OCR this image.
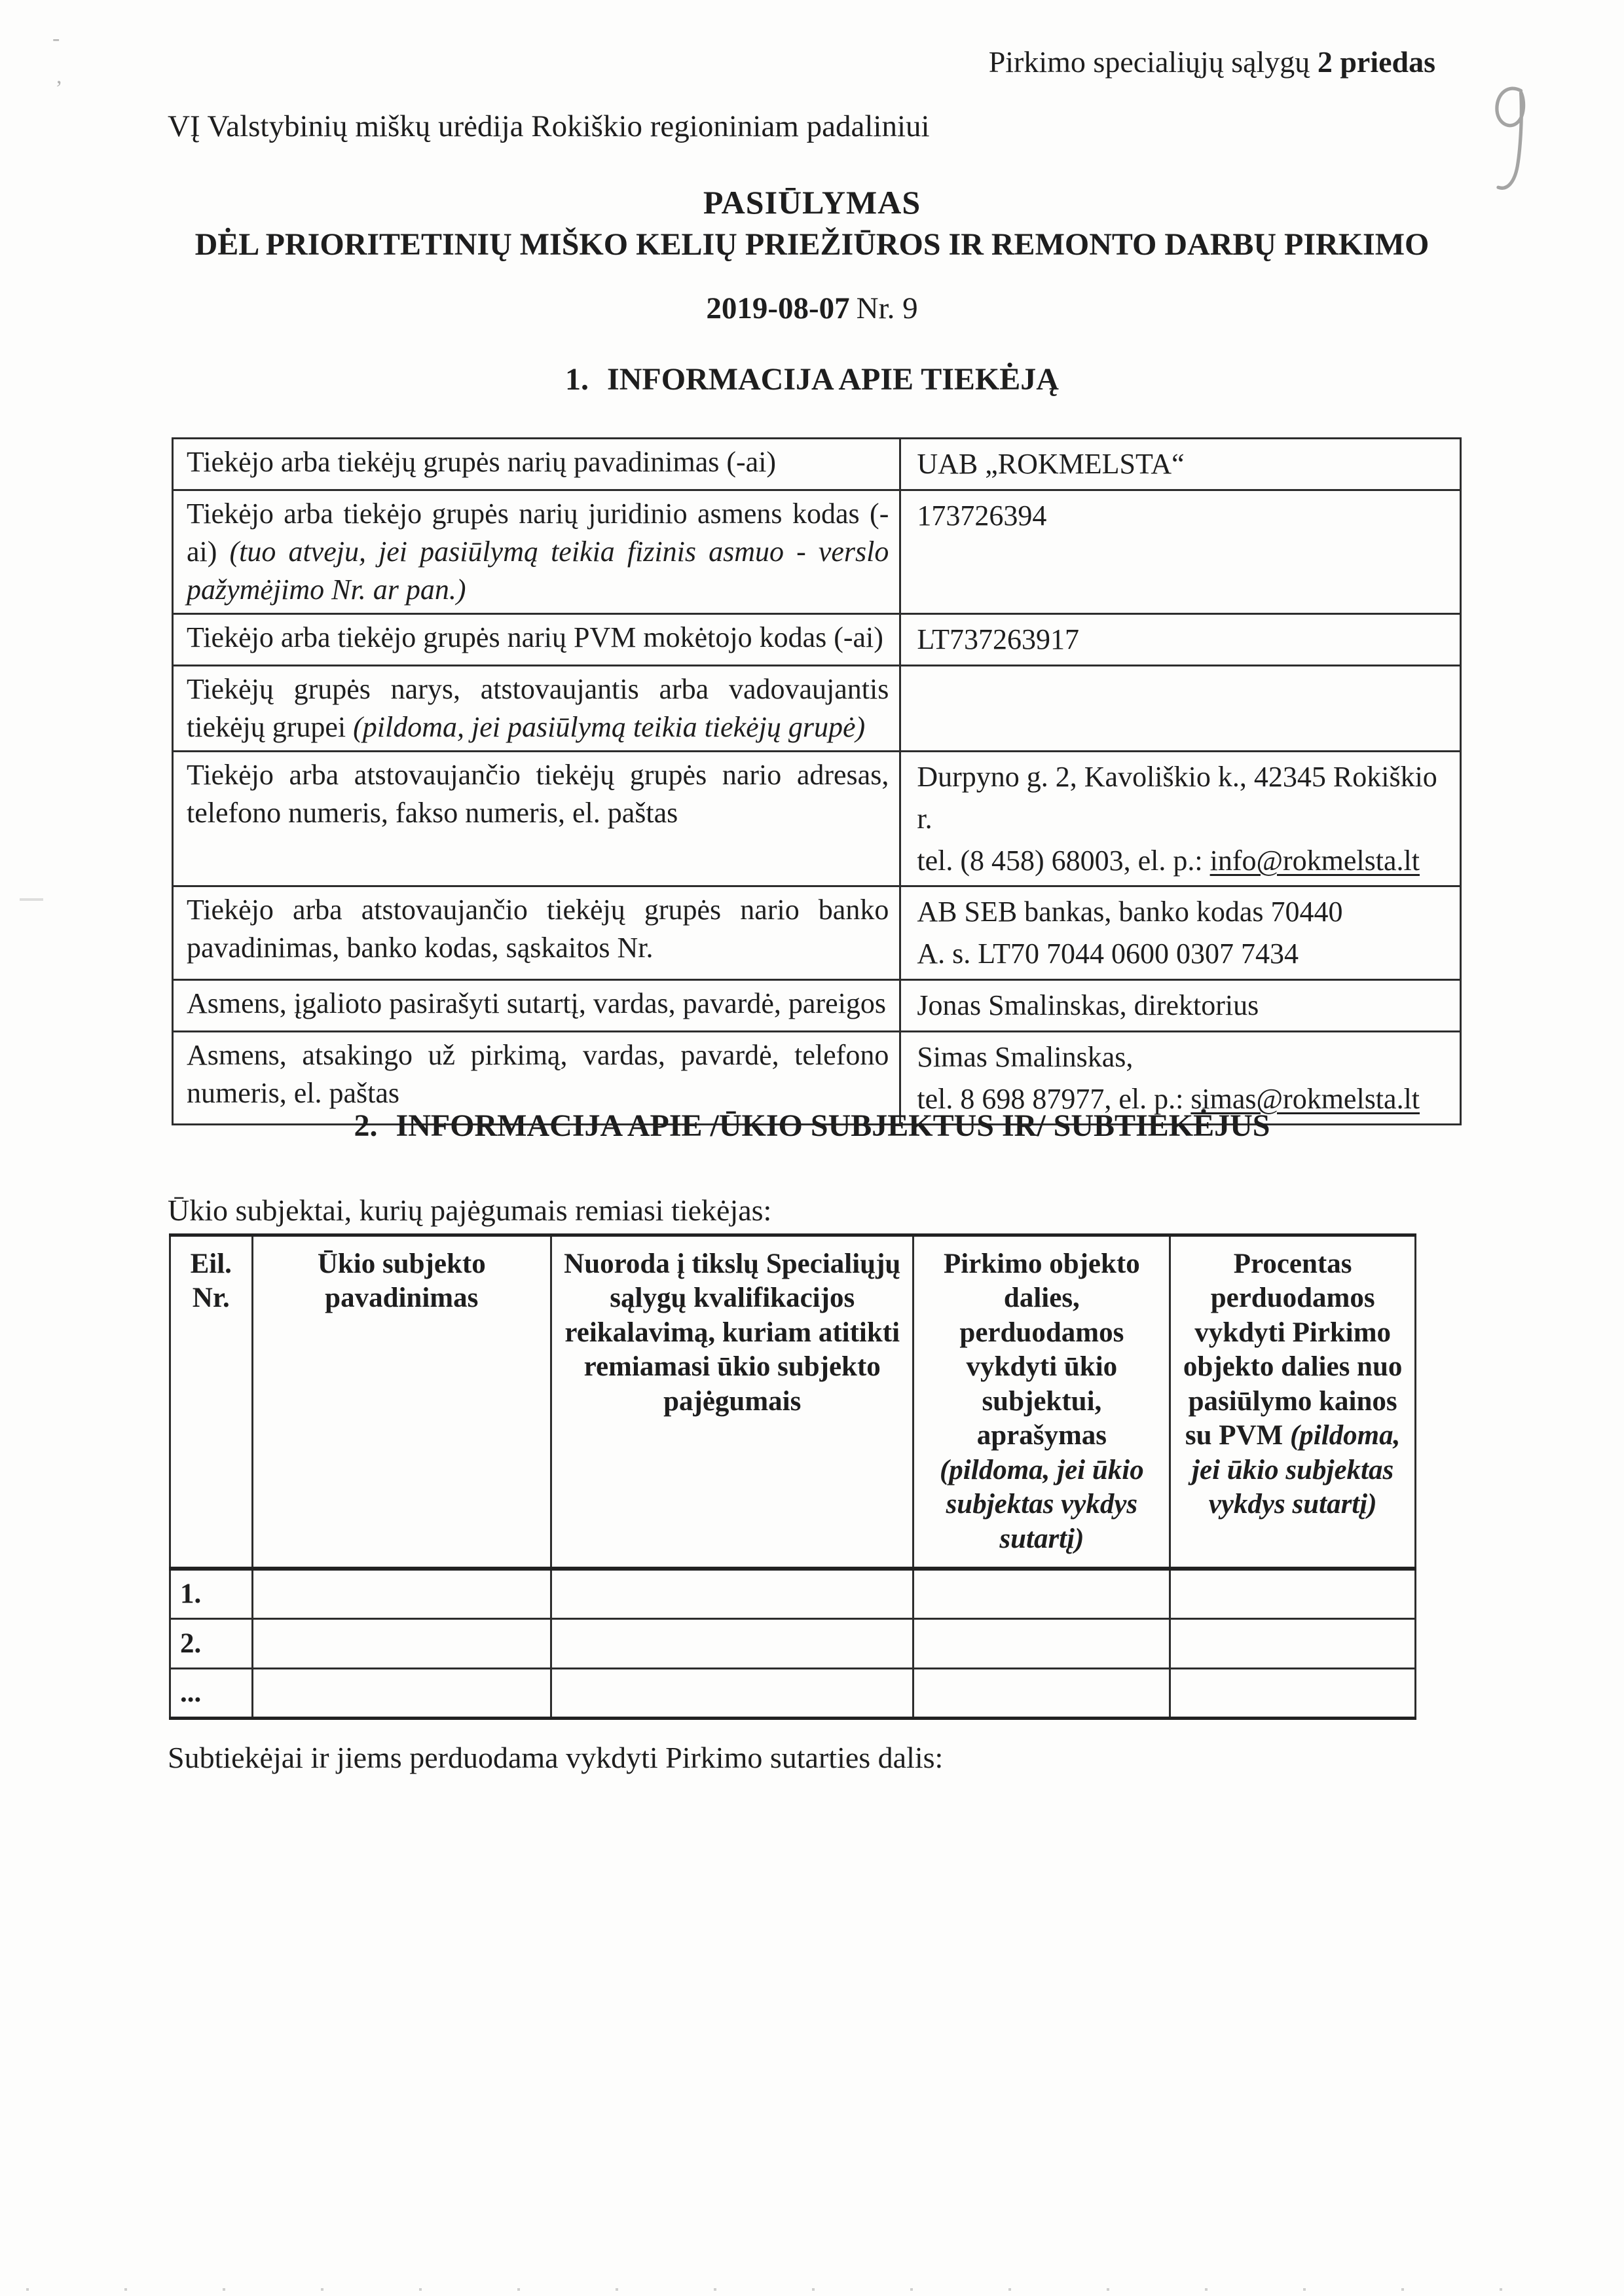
Pirkimo specialiųjų sąlygų 2 priedas
VĮ Valstybinių miškų urėdija Rokiškio regioniniam padaliniui
PASIŪLYMAS
DĖL PRIORITETINIŲ MIŠKO KELIŲ PRIEŽIŪROS IR REMONTO DARBŲ PIRKIMO
2019-08-07 Nr. 9
1. INFORMACIJA APIE TIEKĖJĄ
Tiekėjo arba tiekėjų grupės narių pavadinimas (-ai)	UAB „ROKMELSTA“

Tiekėjo arba tiekėjo grupės narių juridinio asmens kodas (-ai) (tuo atveju, jei pasiūlymą teikia fizinis asmuo - verslo pažymėjimo Nr. ar pan.)	173726394

Tiekėjo arba tiekėjo grupės narių PVM mokėtojo kodas (-ai)	LT737263917

Tiekėjų grupės narys, atstovaujantis arba vadovaujantis tiekėjų grupei (pildoma, jei pasiūlymą teikia tiekėjų grupė)	
Tiekėjo arba atstovaujančio tiekėjų grupės nario adresas, telefono numeris, fakso numeris, el. paštas	Durpyno g. 2, Kavoliškio k., 42345 Rokiškio r.
tel. (8 458) 68003, el. p.: info@rokmelsta.lt

Tiekėjo arba atstovaujančio tiekėjų grupės nario banko pavadinimas, banko kodas, sąskaitos Nr.	AB SEB bankas, banko kodas 70440
A. s. LT70 7044 0600 0307 7434

Asmens, įgalioto pasirašyti sutartį, vardas, pavardė, pareigos	Jonas Smalinskas, direktorius

Asmens, atsakingo už pirkimą, vardas, pavardė, telefono numeris, el. paštas	Simas Smalinskas,
tel. 8 698 87977, el. p.: simas@rokmelsta.lt
2. INFORMACIJA APIE /ŪKIO SUBJEKTUS IR/ SUBTIEKĖJUS
Ūkio subjektai, kurių pajėgumais remiasi tiekėjas:
Eil. Nr.	Ūkio subjekto pavadinimas	Nuoroda į tikslų Specialiųjų sąlygų kvalifikacijos reikalavimą, kuriam atitikti remiamasi ūkio subjekto pajėgumais	Pirkimo objekto dalies, perduodamos vykdyti ūkio subjektui, aprašymas (pildoma, jei ūkio subjektas vykdys sutartį)	Procentas perduodamos vykdyti Pirkimo objekto dalies nuo pasiūlymo kainos su PVM (pildoma, jei ūkio subjektas vykdys sutartį)
1.				
2.				
...				
Subtiekėjai ir jiems perduodama vykdyti Pirkimo sutarties dalis:
-
,
